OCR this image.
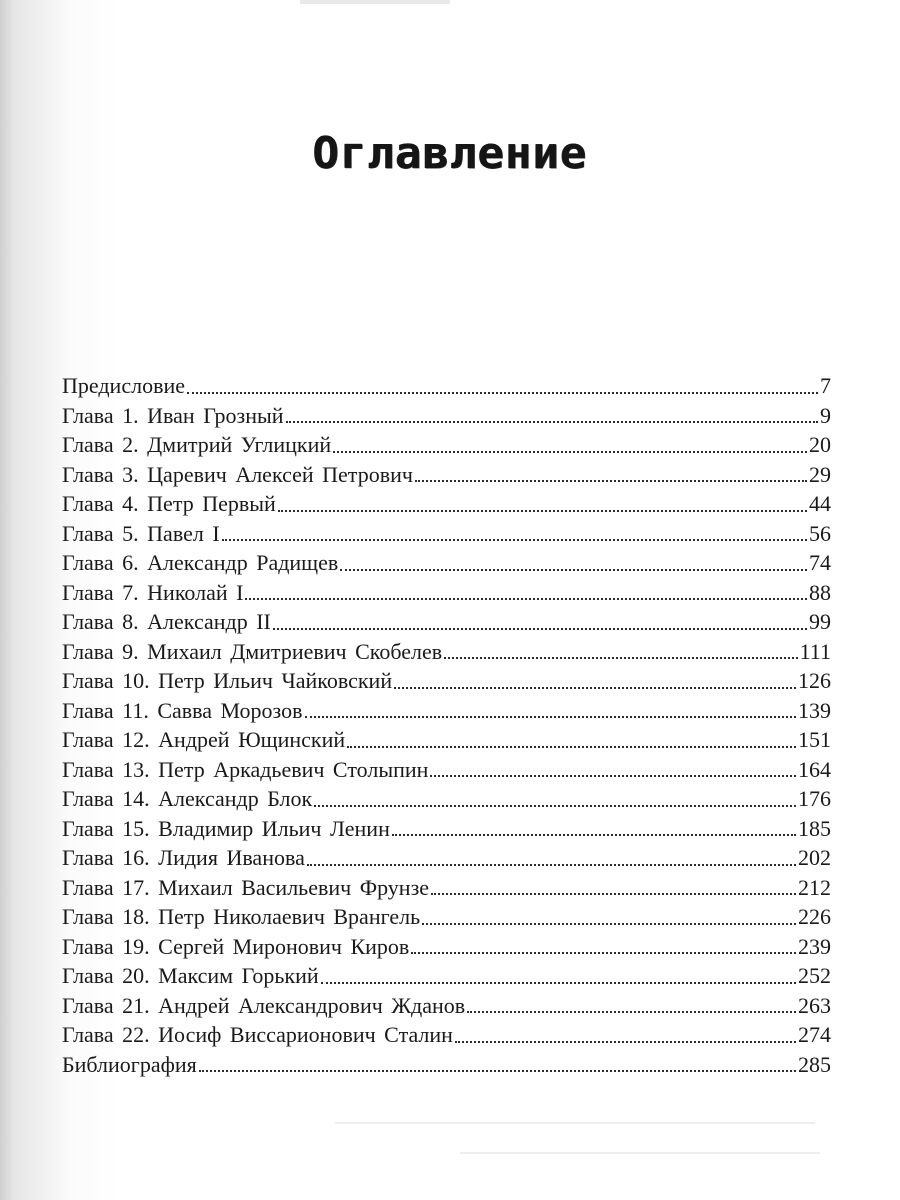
Оглавление
Предисловие	7
Глава 1. Иван Грозный	9
Глава 2. Дмитрий Углицкий	20
Глава 3. Царевич Алексей Петрович	29
Глава 4. Петр Первый	44
Глава 5. Павел I	56
Глава 6. Александр Радищев	74
Глава 7. Николай I	88
Глава 8. Александр II	99
Глава 9. Михаил Дмитриевич Скобелев	111
Глава 10. Петр Ильич Чайковский	126
Глава 11. Савва Морозов	139
Глава 12. Андрей Ющинский	151
Глава 13. Петр Аркадьевич Столыпин	164
Глава 14. Александр Блок	176
Глава 15. Владимир Ильич Ленин	185
Глава 16. Лидия Иванова	202
Глава 17. Михаил Васильевич Фрунзе	212
Глава 18. Петр Николаевич Врангель	226
Глава 19. Сергей Миронович Киров	239
Глава 20. Максим Горький	252
Глава 21. Андрей Александрович Жданов	263
Глава 22. Иосиф Виссарионович Сталин	274
Библиография	285
